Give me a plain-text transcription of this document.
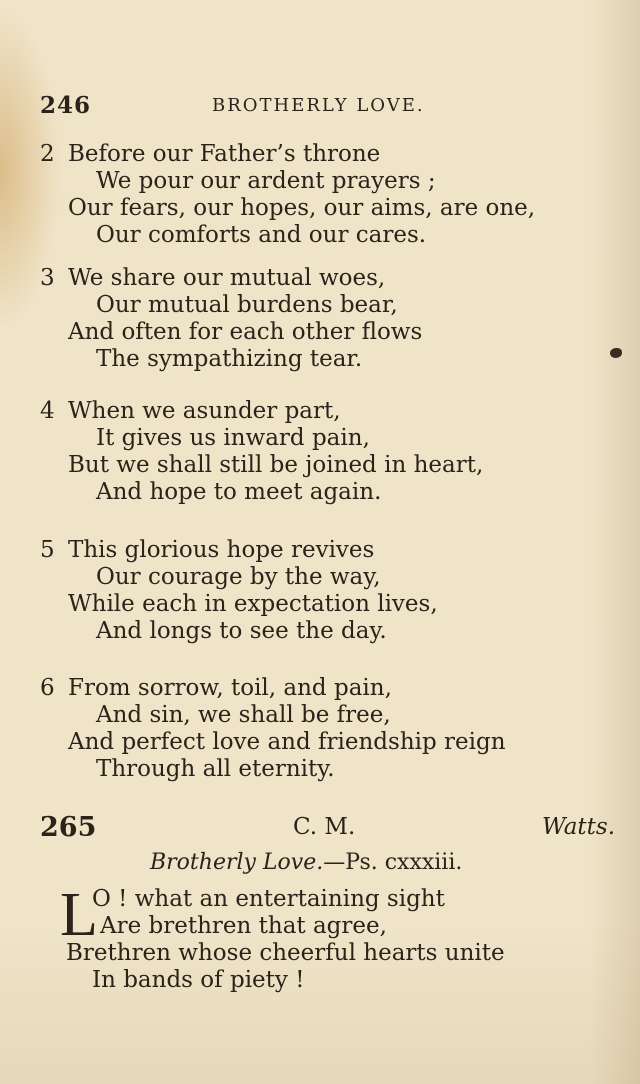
246	BROTHERLY LOVE.
2 Before our Father’s throne
We pour our ardent prayers ;
Our fears, our hopes, our aims, are one,
Our comforts and our cares.
3 We share our mutual woes,
Our mutual burdens bear,
And often for each other flows
The sympathizing tear.
4 When we asunder part,
It gives us inward pain,
But we shall still be joined in heart,
And hope to meet again.
5 This glorious hope revives
Our courage by the way,
While each in expectation lives,
And longs to see the day.
6 From sorrow, toil, and pain,
And sin, we shall be free,
And perfect love and friendship reign
Through all eternity.
265	C. M.	Watts.
Brotherly Love.—Ps. cxxxiii.
L
O ! what an entertaining sight
Are brethren that agree,
Brethren whose cheerful hearts unite
In bands of piety !
